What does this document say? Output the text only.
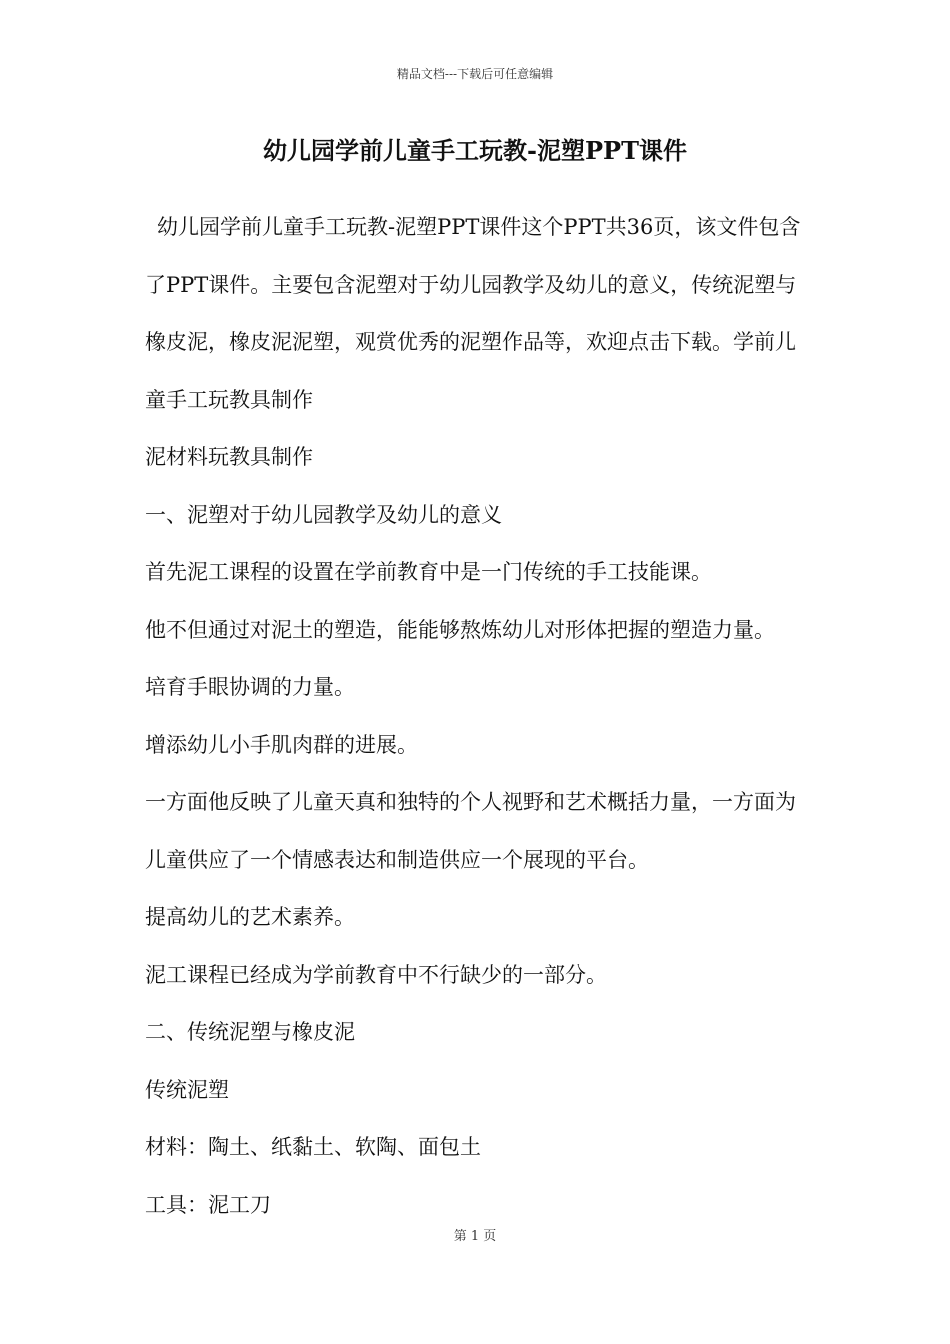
精品文档---下载后可任意编辑
幼儿园学前儿童手工玩教-泥塑PPT课件

幼儿园学前儿童手工玩教-泥塑PPT课件这个PPT共36页，该文件包含了PPT课件。主要包含泥塑对于幼儿园教学及幼儿的意义，传统泥塑与橡皮泥，橡皮泥泥塑，观赏优秀的泥塑作品等，欢迎点击下载。学前儿童手工玩教具制作

泥材料玩教具制作

一、泥塑对于幼儿园教学及幼儿的意义

首先泥工课程的设置在学前教育中是一门传统的手工技能课。

他不但通过对泥土的塑造，能能够熬炼幼儿对形体把握的塑造力量。

培育手眼协调的力量。

增添幼儿小手肌肉群的进展。

一方面他反映了儿童天真和独特的个人视野和艺术概括力量，一方面为儿童供应了一个情感表达和制造供应一个展现的平台。

提高幼儿的艺术素养。

泥工课程已经成为学前教育中不行缺少的一部分。

二、传统泥塑与橡皮泥

传统泥塑

材料：陶土、纸黏土、软陶、面包土

工具：泥工刀

第 1 页
